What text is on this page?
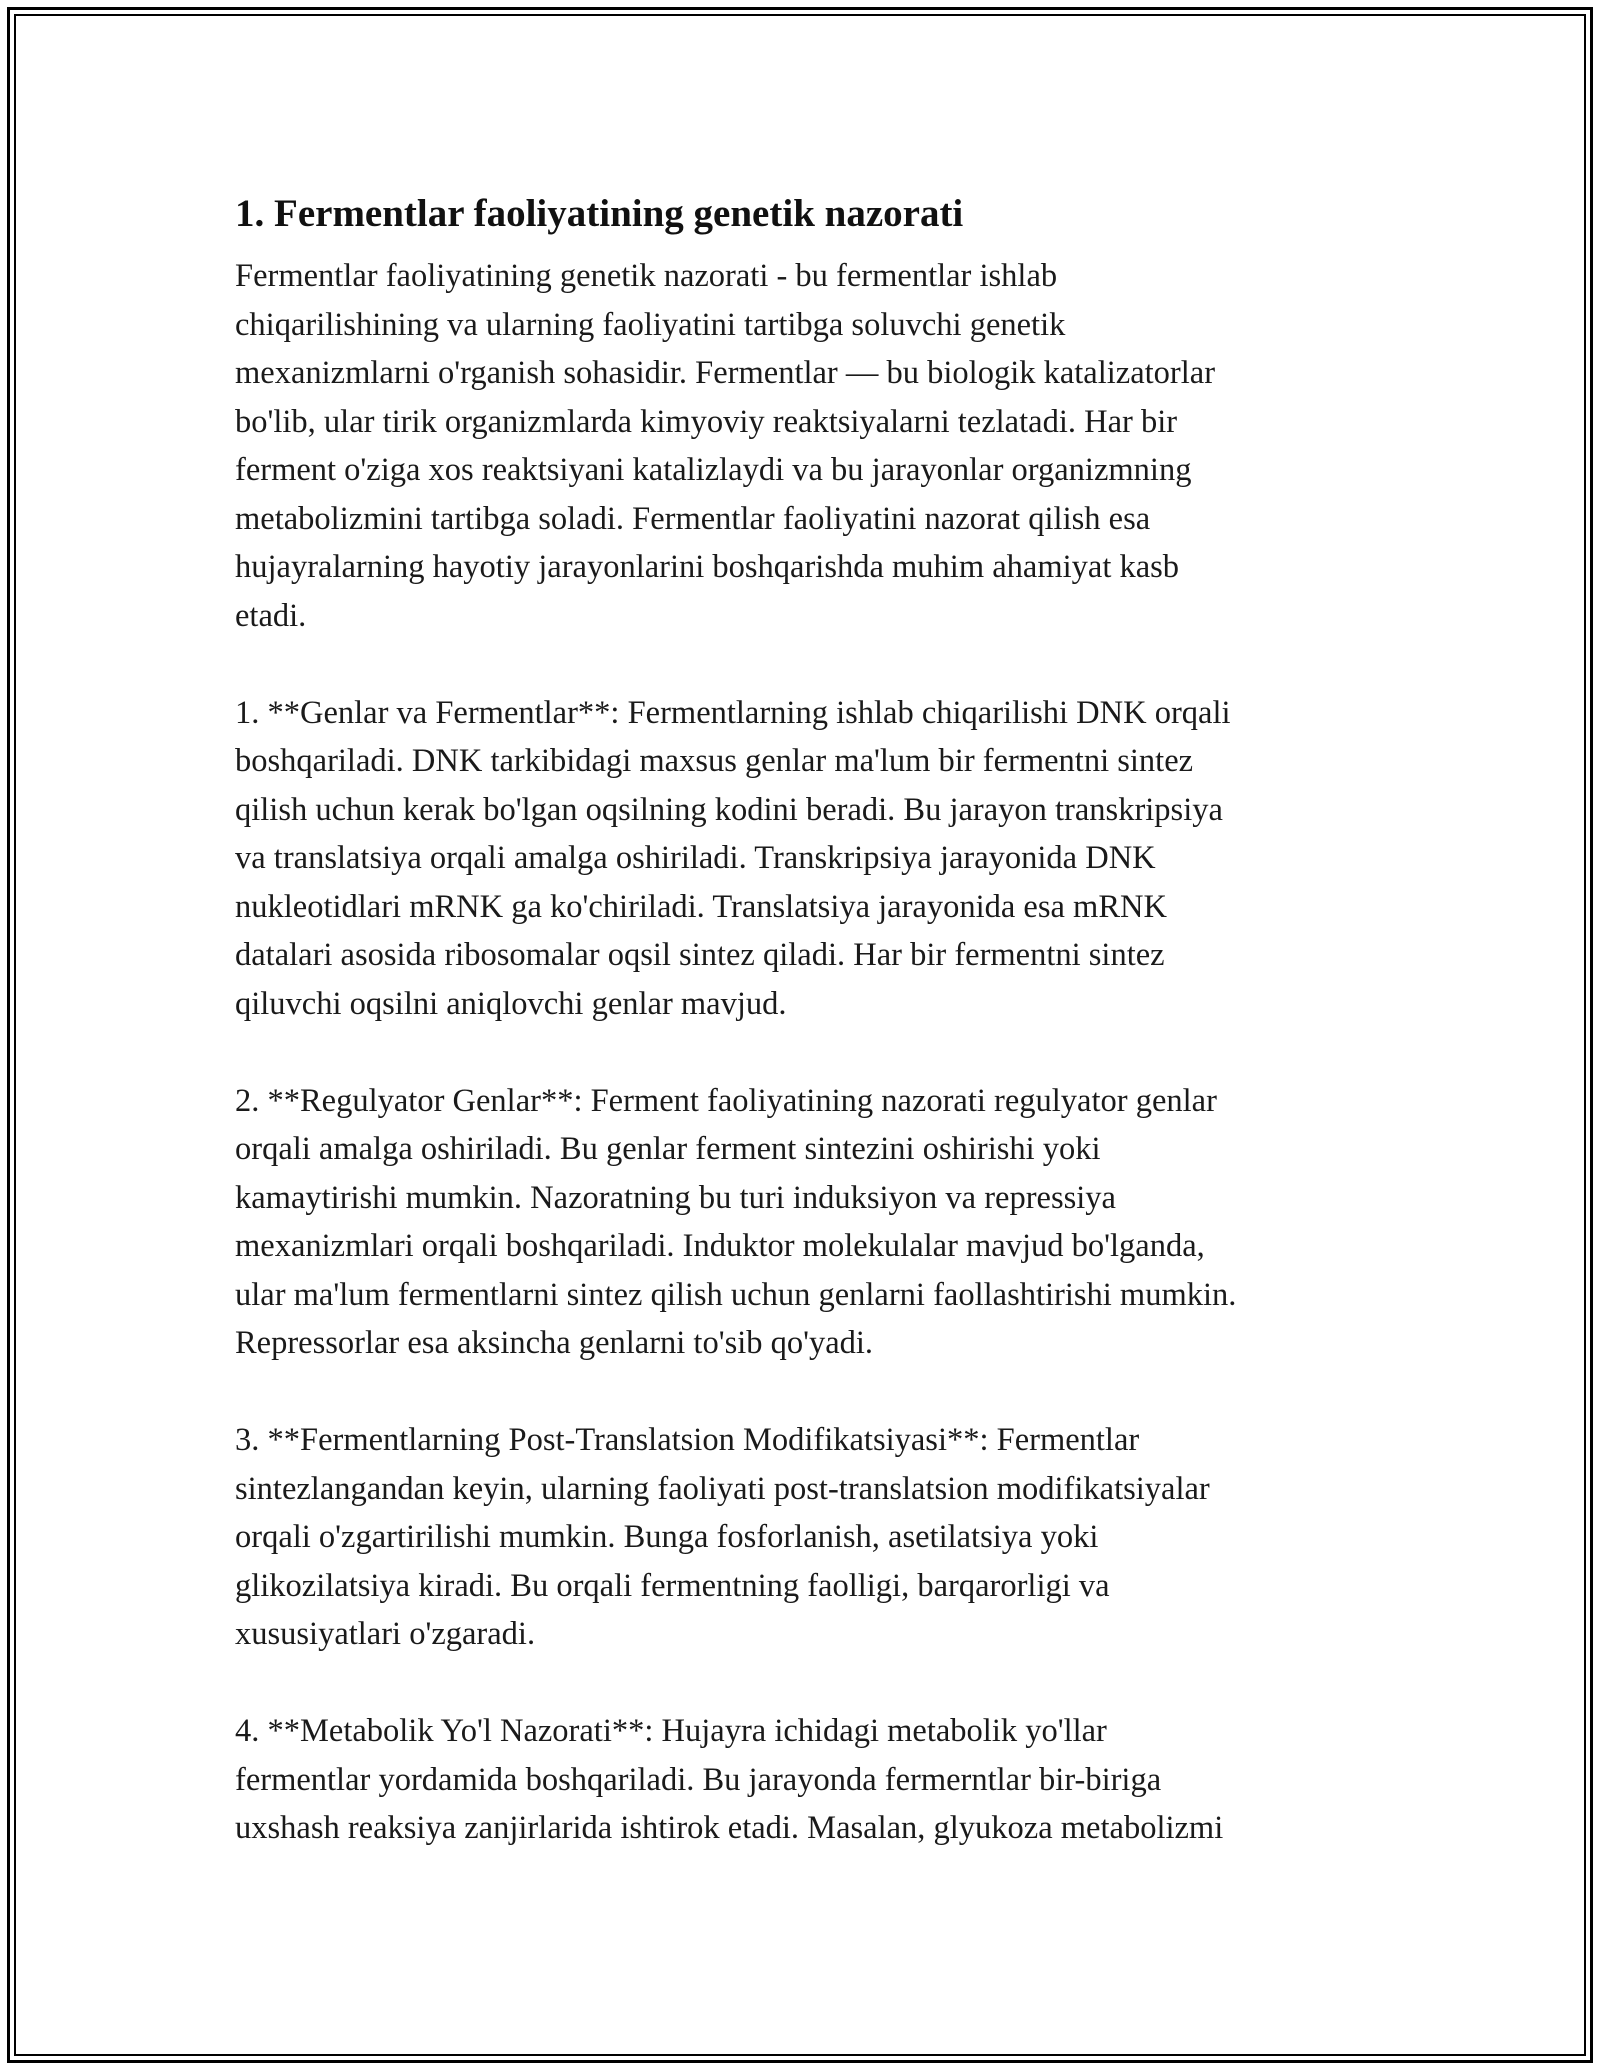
1. Fermentlar faoliyatining genetik nazorati

Fermentlar faoliyatining genetik nazorati - bu fermentlar ishlab
chiqarilishining va ularning faoliyatini tartibga soluvchi genetik
mexanizmlarni o'rganish sohasidir. Fermentlar — bu biologik katalizatorlar
bo'lib, ular tirik organizmlarda kimyoviy reaktsiyalarni tezlatadi. Har bir
ferment o'ziga xos reaktsiyani katalizlaydi va bu jarayonlar organizmning
metabolizmini tartibga soladi. Fermentlar faoliyatini nazorat qilish esa
hujayralarning hayotiy jarayonlarini boshqarishda muhim ahamiyat kasb
etadi.

1. **Genlar va Fermentlar**: Fermentlarning ishlab chiqarilishi DNK orqali
boshqariladi. DNK tarkibidagi maxsus genlar ma'lum bir fermentni sintez
qilish uchun kerak bo'lgan oqsilning kodini beradi. Bu jarayon transkripsiya
va translatsiya orqali amalga oshiriladi. Transkripsiya jarayonida DNK
nukleotidlari mRNK ga ko'chiriladi. Translatsiya jarayonida esa mRNK
datalari asosida ribosomalar oqsil sintez qiladi. Har bir fermentni sintez
qiluvchi oqsilni aniqlovchi genlar mavjud.

2. **Regulyator Genlar**: Ferment faoliyatining nazorati regulyator genlar
orqali amalga oshiriladi. Bu genlar ferment sintezini oshirishi yoki
kamaytirishi mumkin. Nazoratning bu turi induksiyon va repressiya
mexanizmlari orqali boshqariladi. Induktor molekulalar mavjud bo'lganda,
ular ma'lum fermentlarni sintez qilish uchun genlarni faollashtirishi mumkin.
Repressorlar esa aksincha genlarni to'sib qo'yadi.

3. **Fermentlarning Post-Translatsion Modifikatsiyasi**: Fermentlar
sintezlangandan keyin, ularning faoliyati post-translatsion modifikatsiyalar
orqali o'zgartirilishi mumkin. Bunga fosforlanish, asetilatsiya yoki
glikozilatsiya kiradi. Bu orqali fermentning faolligi, barqarorligi va
xususiyatlari o'zgaradi.

4. **Metabolik Yo'l Nazorati**: Hujayra ichidagi metabolik yo'llar
fermentlar yordamida boshqariladi. Bu jarayonda fermerntlar bir-biriga
uxshash reaksiya zanjirlarida ishtirok etadi. Masalan, glyukoza metabolizmi
